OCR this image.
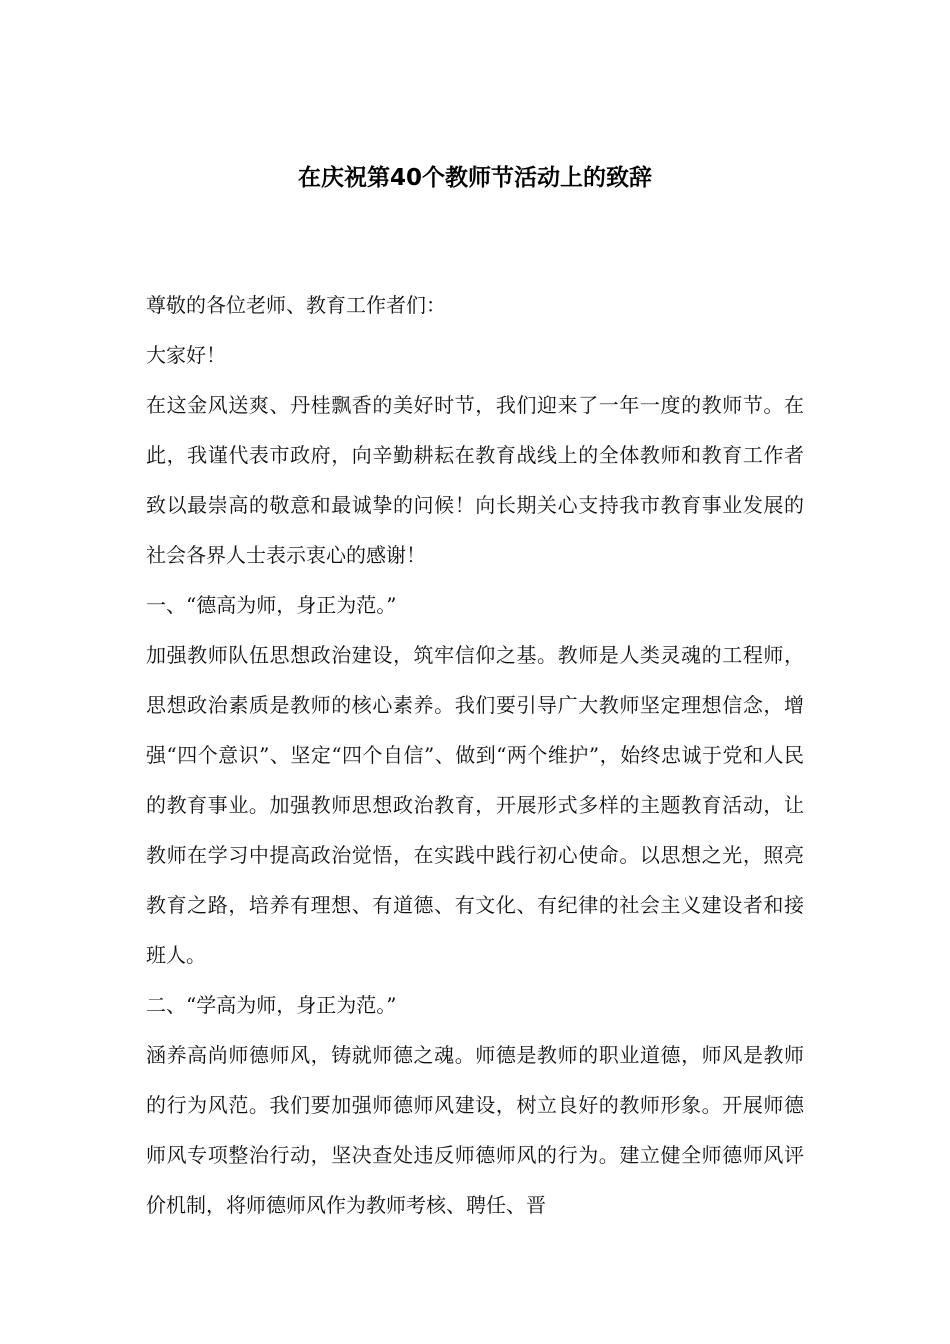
在庆祝第40个教师节活动上的致辞

尊敬的各位老师、教育工作者们：

大家好！

在这金风送爽、丹桂飘香的美好时节，我们迎来了一年一度的教师节。在此，我谨代表市政府，向辛勤耕耘在教育战线上的全体教师和教育工作者致以最崇高的敬意和最诚挚的问候！向长期关心支持我市教育事业发展的社会各界人士表示衷心的感谢！

一、“德高为师，身正为范。”

加强教师队伍思想政治建设，筑牢信仰之基。教师是人类灵魂的工程师，思想政治素质是教师的核心素养。我们要引导广大教师坚定理想信念，增强“四个意识”、坚定“四个自信”、做到“两个维护”，始终忠诚于党和人民的教育事业。加强教师思想政治教育，开展形式多样的主题教育活动，让教师在学习中提高政治觉悟，在实践中践行初心使命。以思想之光，照亮教育之路，培养有理想、有道德、有文化、有纪律的社会主义建设者和接班人。

二、“学高为师，身正为范。”

涵养高尚师德师风，铸就师德之魂。师德是教师的职业道德，师风是教师的行为风范。我们要加强师德师风建设，树立良好的教师形象。开展师德师风专项整治行动，坚决查处违反师德师风的行为。建立健全师德师风评价机制，将师德师风作为教师考核、聘任、晋
